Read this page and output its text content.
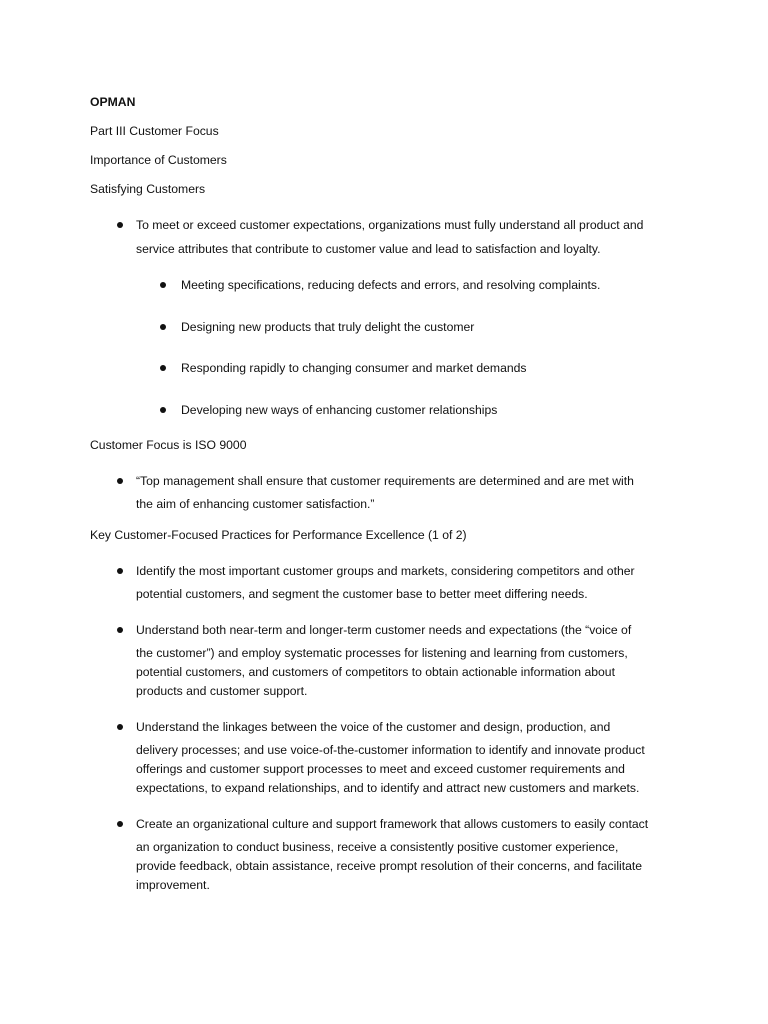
OPMAN
Part III Customer Focus
Importance of Customers
Satisfying Customers
To meet or exceed customer expectations, organizations must fully understand all product and
service attributes that contribute to customer value and lead to satisfaction and loyalty.
Meeting specifications, reducing defects and errors, and resolving complaints.
Designing new products that truly delight the customer
Responding rapidly to changing consumer and market demands
Developing new ways of enhancing customer relationships
Customer Focus is ISO 9000
“Top management shall ensure that customer requirements are determined and are met with
the aim of enhancing customer satisfaction.”
Key Customer-Focused Practices for Performance Excellence (1 of 2)
Identify the most important customer groups and markets, considering competitors and other
potential customers, and segment the customer base to better meet differing needs.
Understand both near-term and longer-term customer needs and expectations (the “voice of
the customer”) and employ systematic processes for listening and learning from customers,
potential customers, and customers of competitors to obtain actionable information about
products and customer support.
Understand the linkages between the voice of the customer and design, production, and
delivery processes; and use voice-of-the-customer information to identify and innovate product
offerings and customer support processes to meet and exceed customer requirements and
expectations, to expand relationships, and to identify and attract new customers and markets.
Create an organizational culture and support framework that allows customers to easily contact
an organization to conduct business, receive a consistently positive customer experience,
provide feedback, obtain assistance, receive prompt resolution of their concerns, and facilitate
improvement.
